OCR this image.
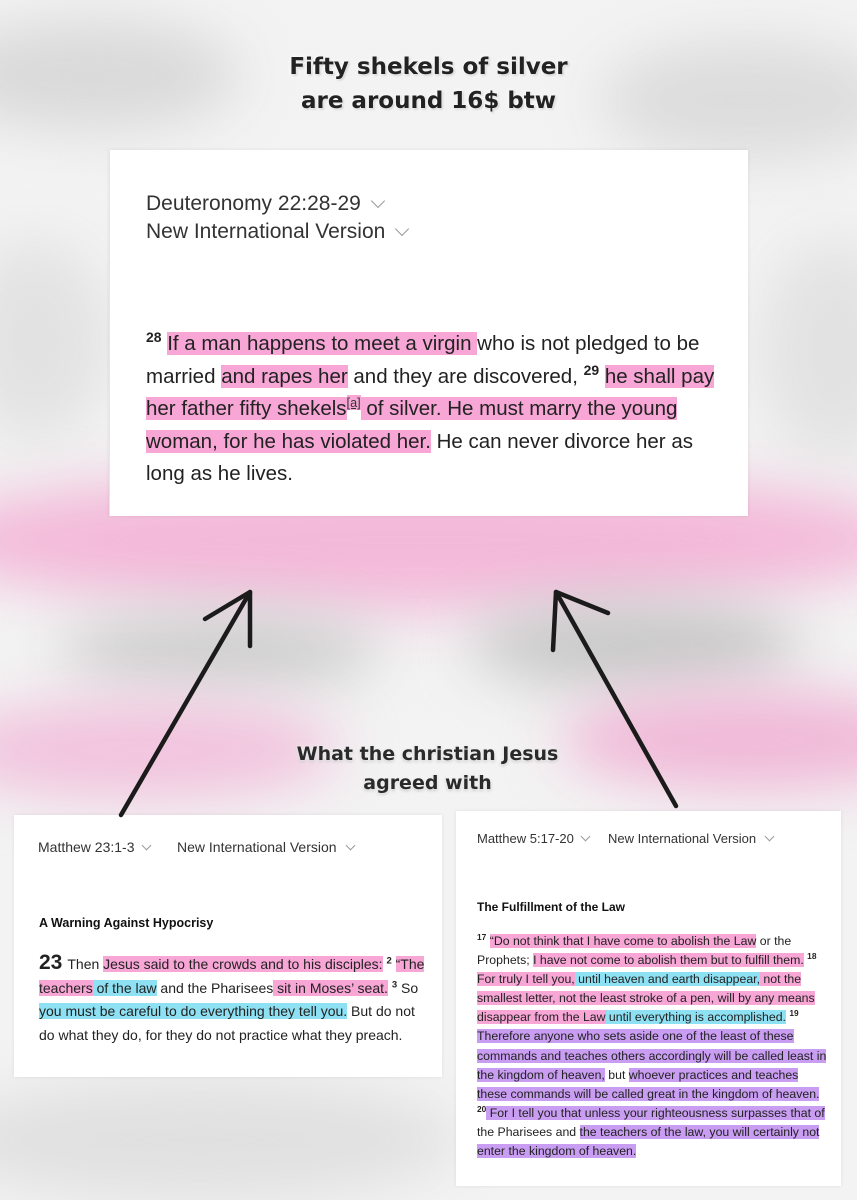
Fifty shekels of silver
are around 16$ btw
Deuteronomy 22:28-29
New International Version
$^{28}$ If a man happens to meet a virgin who is not pledged to be married and rapes her and they are discovered, $^{29}$ he shall pay her father fifty shekels[a] of silver. He must marry the young woman, for he has violated her. He can never divorce her as long as he lives.
What the christian Jesus
agreed with
Matthew 23:1-3	New International Version
A Warning Against Hypocrisy
23 Then Jesus said to the crowds and to his disciples: $^2$ “The teachers of the law and the Pharisees sit in Moses’ seat. $^3$ So you must be careful to do everything they tell you. But do not do what they do, for they do not practice what they preach.
Matthew 5:17-20	New International Version
The Fulfillment of the Law
$^{17}$ “Do not think that I have come to abolish the Law or the Prophets; I have not come to abolish them but to fulfill them. $^{18}$ For truly I tell you, until heaven and earth disappear, not the smallest letter, not the least stroke of a pen, will by any means disappear from the Law until everything is accomplished. $^{19}$ Therefore anyone who sets aside one of the least of these commands and teaches others accordingly will be called least in the kingdom of heaven, but whoever practices and teaches these commands will be called great in the kingdom of heaven. $^{20}$ For I tell you that unless your righteousness surpasses that of the Pharisees and the teachers of the law, you will certainly not enter the kingdom of heaven.
